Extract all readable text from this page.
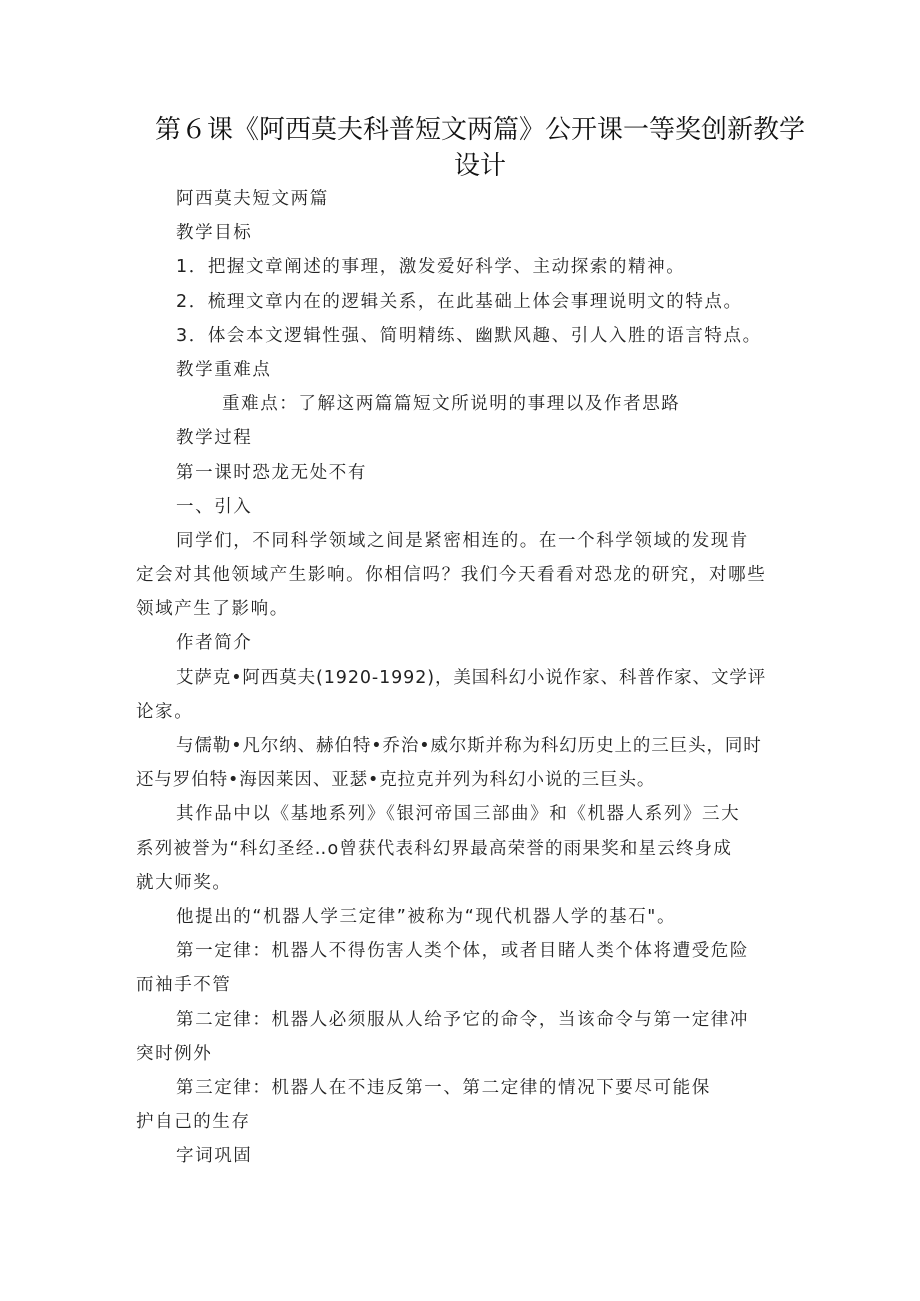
第６课《阿西莫夫科普短文两篇》公开课一等奖创新教学
设计
阿西莫夫短文两篇
教学目标
1．把握文章阐述的事理，激发爱好科学、主动探索的精神。
2．梳理文章内在的逻辑关系，在此基础上体会事理说明文的特点。
3．体会本文逻辑性强、简明精练、幽默风趣、引人入胜的语言特点。
教学重难点
重难点：了解这两篇篇短文所说明的事理以及作者思路
教学过程
第一课时恐龙无处不有
一、引入
同学们，不同科学领域之间是紧密相连的。在一个科学领域的发现肯
定会对其他领域产生影响。你相信吗？我们今天看看对恐龙的研究，对哪些
领域产生了影响。
作者简介
艾萨克•阿西莫夫(1920-1992)，美国科幻小说作家、科普作家、文学评
论家。
与儒勒•凡尔纳、赫伯特•乔治•威尔斯并称为科幻历史上的三巨头，同时
还与罗伯特•海因莱因、亚瑟•克拉克并列为科幻小说的三巨头。
其作品中以《基地系列》《银河帝国三部曲》和《机器人系列》三大
系列被誉为“科幻圣经‥o曾获代表科幻界最高荣誉的雨果奖和星云终身成
就大师奖。
他提出的“机器人学三定律”被称为“现代机器人学的基石"。
第一定律：机器人不得伤害人类个体，或者目睹人类个体将遭受危险
而袖手不管
第二定律：机器人必须服从人给予它的命令，当该命令与第一定律冲
突时例外
第三定律：机器人在不违反第一、第二定律的情况下要尽可能保
护自己的生存
字词巩固
